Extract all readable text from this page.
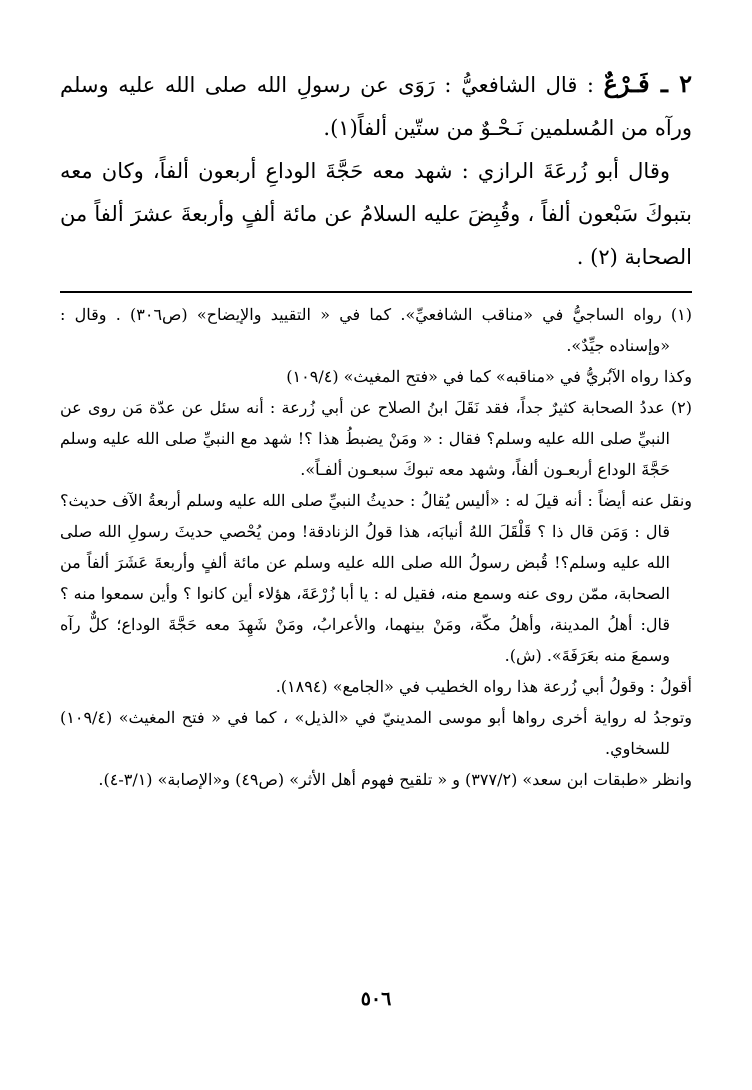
٢ ـ فَـرْعٌ : قال الشافعيُّ : رَوَى عن رسولِ الله صلى الله عليه وسلم ورآه من المُسلمين نَـحْـوٌ من ستّين ألفاً(١).

وقال أبو زُرعَةَ الرازي : شهد معه حَجَّةَ الوداعِ أربعون ألفاً، وكان معه بتبوكَ سَبْعون ألفاً ، وقُبِضَ عليه السلامُ عن مائة ألفٍ وأربعةَ عشرَ ألفاً من الصحابة (٢) .

(١) رواه الساجيُّ في «مناقب الشافعيِّ». كما في « التقييد والإيضاح» (ص٣٠٦) . وقال : «وإسناده جيِّدٌ».

وكذا رواه الآبُريُّ في «مناقبه» كما في «فتح المغيث» (١٠٩/٤)

(٢) عددُ الصحابة كثيرٌ جداً، فقد نَقَلَ ابنُ الصلاح عن أبي زُرعة : أنه سئل عن عدّة مَن روى عن النبيِّ صلى الله عليه وسلم؟ فقال : « ومَنْ يضبطُ هذا ؟! شهد مع النبيِّ صلى الله عليه وسلم حَجَّةَ الوداع أربعـون ألفاً، وشهد معه تبوكَ سبعـون ألفـاً».

ونقل عنه أيضاً : أنه قيلَ له : «أليس يُقالُ : حديثُ النبيِّ صلى الله عليه وسلم أربعةُ الآف حديث؟ قال : وَمَن قال ذا ؟ قَلْقَلَ اللهُ أنيابَه، هذا قولُ الزنادقة! ومن يُحْصي حديثَ رسولِ الله صلى الله عليه وسلم؟! قُبض رسولُ الله صلى الله عليه وسلم عن مائة ألفٍ وأربعةَ عَشَرَ ألفاً من الصحابة، ممّن روى عنه وسمع منه، فقيل له : يا أبا زُرْعَةَ، هؤلاء أين كانوا ؟ وأين سمعوا منه ؟ قال: أهلُ المدينة، وأهلُ مكّة، ومَنْ بينهما، والأعرابُ، ومَنْ شَهِدَ معه حَجَّةَ الوداع؛ كلٌّ رآه وسمعَ منه بعَرَفَةَ». (ش).

أقولُ : وقولُ أبي زُرعة هذا رواه الخطيب في «الجامع» (١٨٩٤).

وتوجدُ له رواية أخرى رواها أبو موسى المدينيّ في «الذيل» ، كما في « فتح المغيث» (١٠٩/٤) للسخاوي.

وانظر «طبقات ابن سعد» (٣٧٧/٢) و « تلقيح فهوم أهل الأثر» (ص٤٩) و«الإصابة» (٣/١-٤).

٥٠٦
